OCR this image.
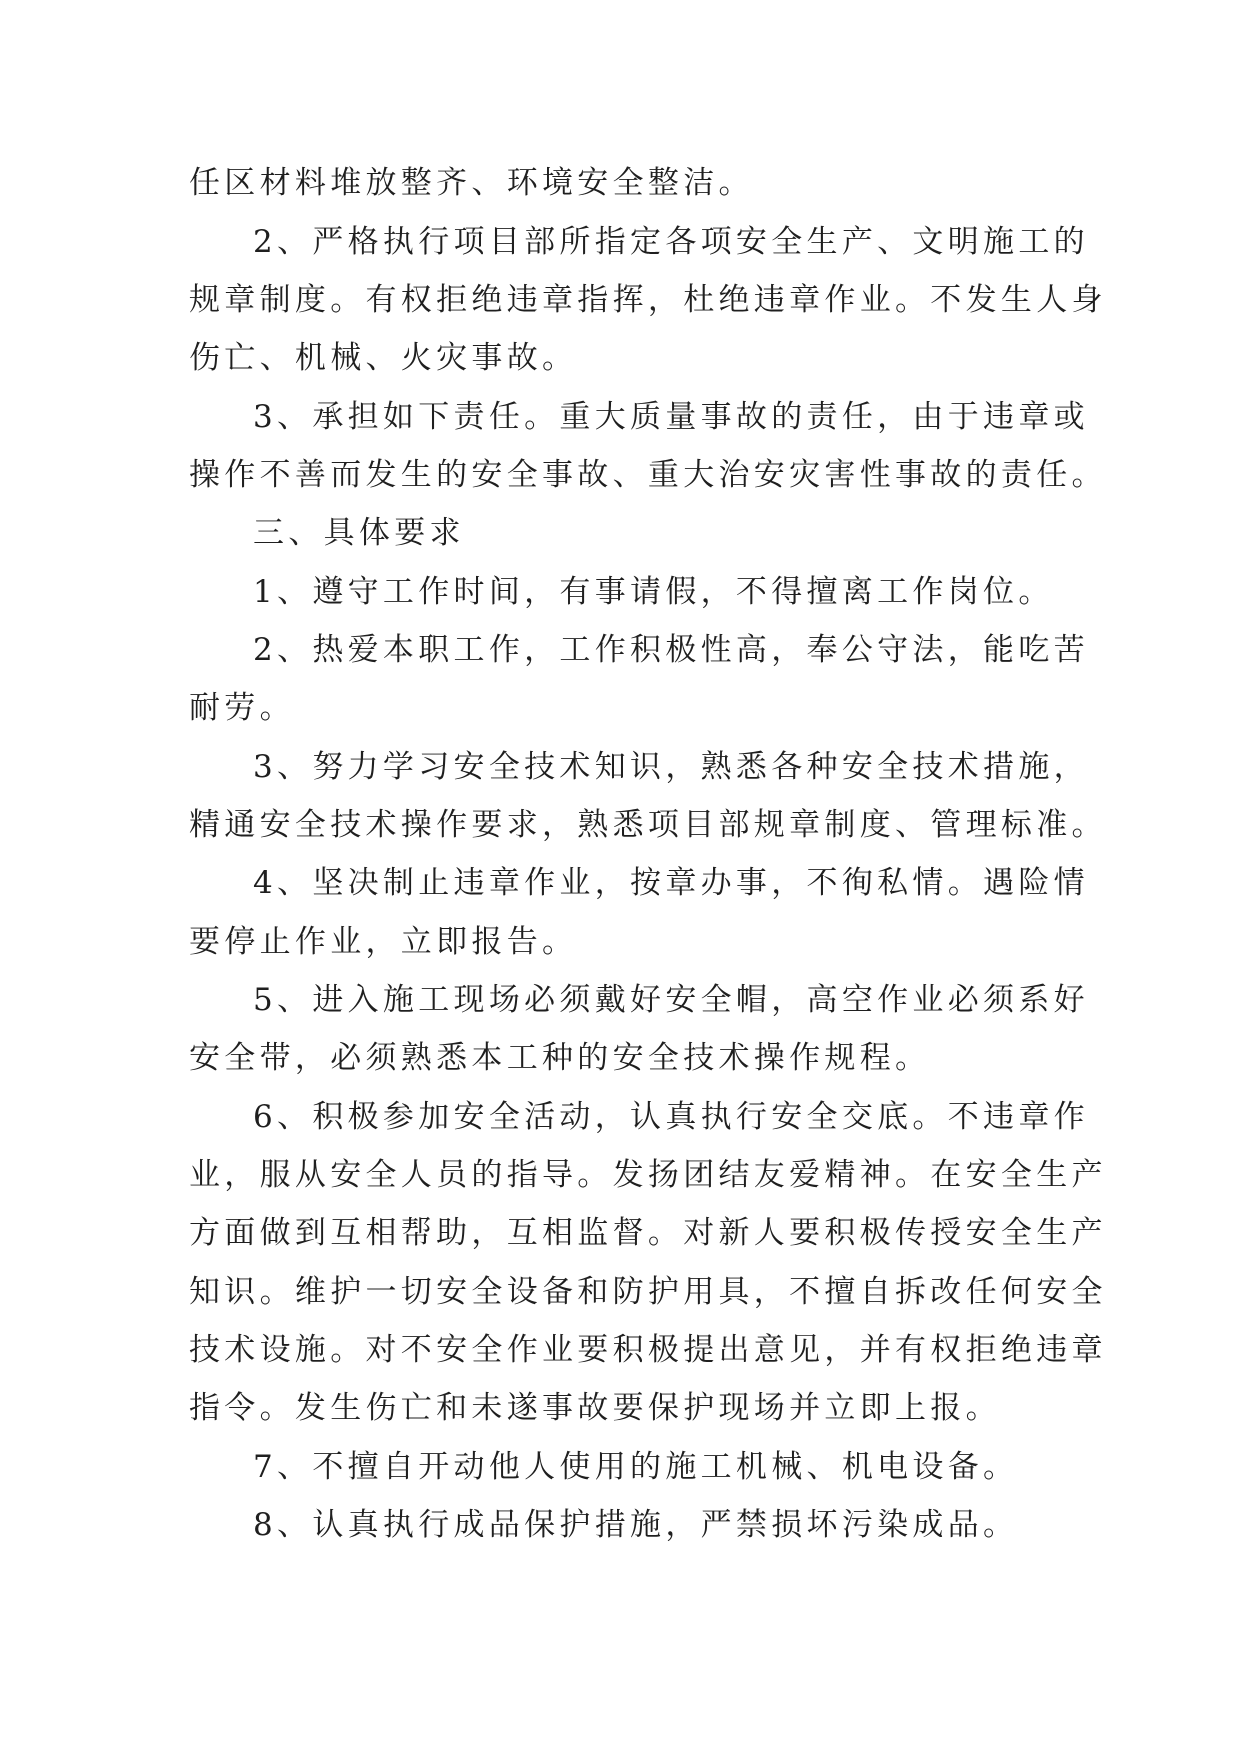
任区材料堆放整齐、环境安全整洁。
2、严格执行项目部所指定各项安全生产、文明施工的
规章制度。有权拒绝违章指挥，杜绝违章作业。不发生人身
伤亡、机械、火灾事故。
3、承担如下责任。重大质量事故的责任，由于违章或
操作不善而发生的安全事故、重大治安灾害性事故的责任。
三、具体要求
1、遵守工作时间，有事请假，不得擅离工作岗位。
2、热爱本职工作，工作积极性高，奉公守法，能吃苦
耐劳。
3、努力学习安全技术知识，熟悉各种安全技术措施，
精通安全技术操作要求，熟悉项目部规章制度、管理标准。
4、坚决制止违章作业，按章办事，不徇私情。遇险情
要停止作业，立即报告。
5、进入施工现场必须戴好安全帽，高空作业必须系好
安全带，必须熟悉本工种的安全技术操作规程。
6、积极参加安全活动，认真执行安全交底。不违章作
业，服从安全人员的指导。发扬团结友爱精神。在安全生产
方面做到互相帮助，互相监督。对新人要积极传授安全生产
知识。维护一切安全设备和防护用具，不擅自拆改任何安全
技术设施。对不安全作业要积极提出意见，并有权拒绝违章
指令。发生伤亡和未遂事故要保护现场并立即上报。
7、不擅自开动他人使用的施工机械、机电设备。
8、认真执行成品保护措施，严禁损坏污染成品。
